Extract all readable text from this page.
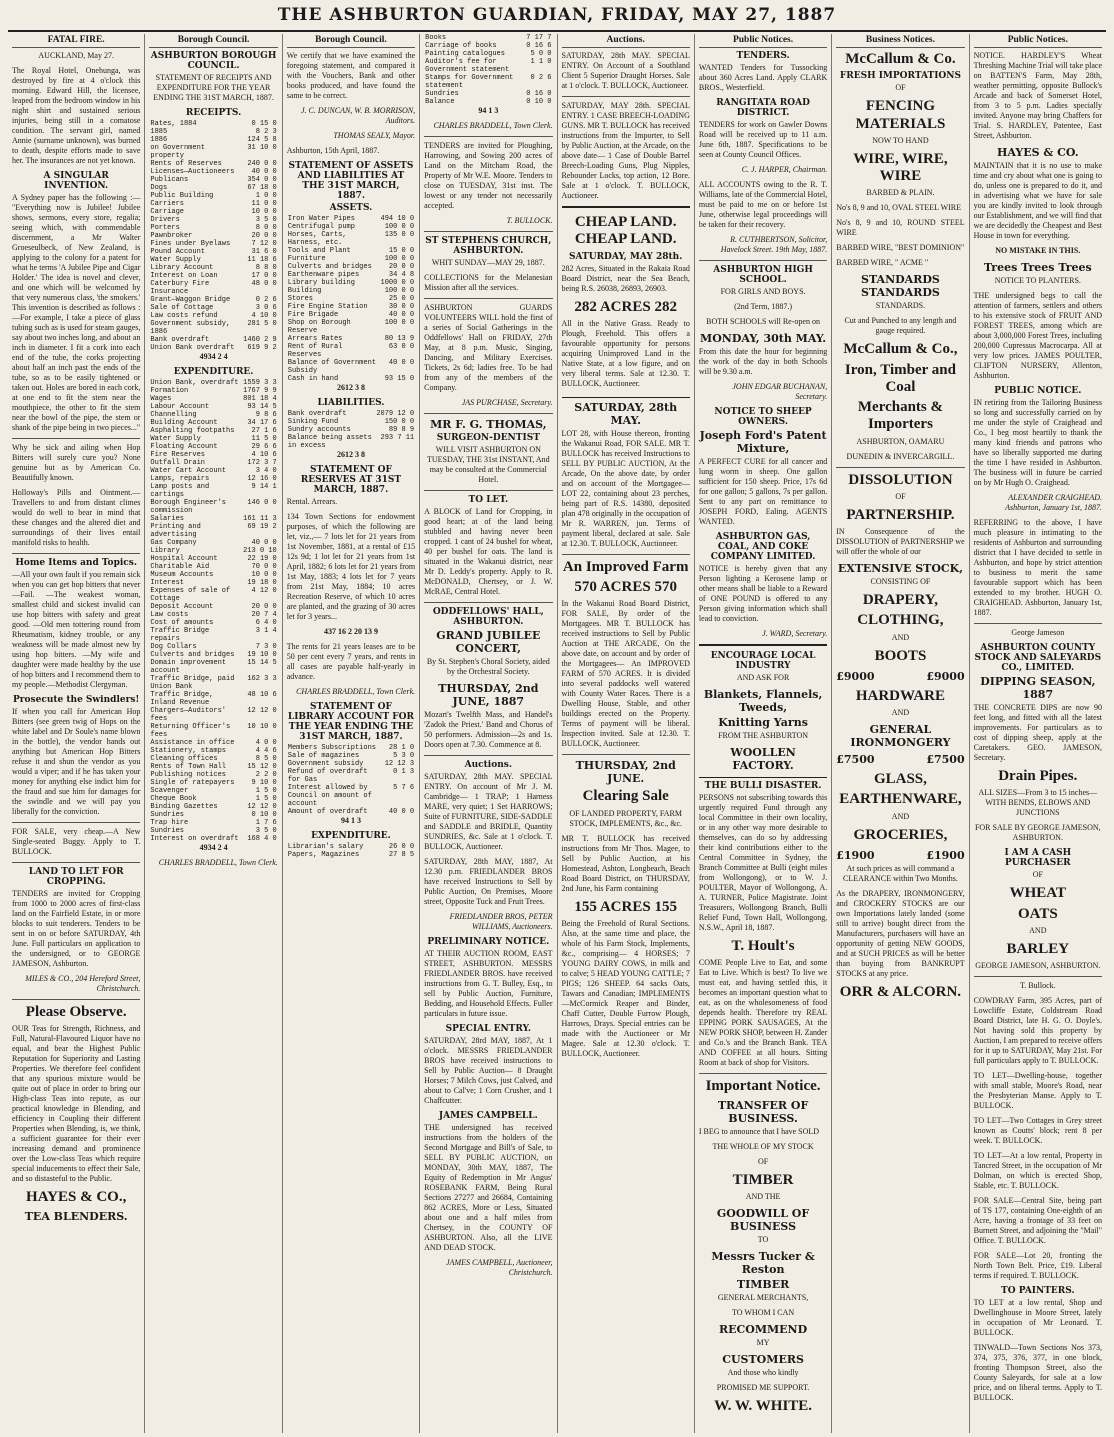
THE ASHBURTON GUARDIAN, FRIDAY, MAY 27, 1887
FATAL FIRE.

AUCKLAND, May 27.

The Royal Hotel, Onehunga, was destroyed by fire at 4 o'clock this morning. Edward Hill, the licensee, leaped from the bedroom window in his night shirt and sustained serious injuries, being still in a comatose condition. The servant girl, named Annie (surname unknown), was burned to death, despite efforts made to save her. The insurances are not yet known.

A SINGULAR INVENTION.

A Sydney paper has the following :— "Everything now is Jubilee! Jubilee shows, sermons, every store, regalia; seeing which, with commendable discernment, a Mr Walter Groeseulbeck, of New Zealand, is applying to the colony for a patent for what he terms 'A Jubilee Pipe and Cigar Holder.' The idea is novel and clever, and one which will be welcomed by that very numerous class, 'the smokers.' This invention is described as follows :—For example, I take a piece of glass tubing such as is used for steam gauges, say about two inches long, and about an inch in diameter. I fit a cork into each end of the tube, the corks projecting about half an inch past the ends of the tube, so as to be easily tightened or taken out. Holes are bored in each cork, at one end to fit the stem near the mouthpiece, the other to fit the stem near the bowl of the pipe, the stem or shank of the pipe being in two pieces..."

Why be sick and ailing when Hop Bitters will surely cure you? None genuine but as by American Co. Beautifully known.

Holloway's Pills and Ointment.—Travellers to and from distant climes would do well to bear in mind that these changes and the altered diet and surroundings of their lives entail manifold risks to health.

Home Items and Topics.

—All your own fault if you remain sick when you can get hop bitters that never—Fail. —The weakest woman, smallest child and sickest invalid can use hop bitters with safety and great good. —Old men tottering round from Rheumatism, kidney trouble, or any weakness will be made almost new by using hop bitters. —My wife and daughter were made healthy by the use of hop bitters and I recommend them to my people.—Methodist Clergyman.

Prosecute the Swindlers!

If when you call for American Hop Bitters (see green twig of Hops on the white label and Dr Soule's name blown in the bottle), the vendor hands out anything but American Hop Bitters refuse it and shun the vendor as you would a viper; and if he has taken your money for anything else indict him for the fraud and sue him for damages for the swindle and we will pay you liberally for the conviction.

FOR SALE, very cheap.—A New Single-seated Buggy. Apply to T. BULLOCK.

LAND TO LET FOR CROPPING.

TENDERS are invited for Cropping from 1000 to 2000 acres of first-class land on the Fairfield Estate, in or more blocks to suit tenderers. Tenders to be sent in on or before SATURDAY, 4th June. Full particulars on application to the undersigned, or to GEORGE JAMESON, Ashburton.

MILES & CO., 204 Hereford Street, Christchurch.

Please Observe.

OUR Teas for Strength, Richness, and Full, Natural-Flavoured Liquor have no equal, and bear the Highest Public Reputation for Superiority and Lasting Properties. We therefore feel confident that any spurious mixture would be quite out of place in order to bring our High-class Teas into repute, as our practical knowledge in Blending, and efficiency in Coupling their different Properties when Blending, is, we think, a sufficient guarantee for their ever increasing demand and prominence over the Low-class Teas which require special inducements to effect their Sale, and so distasteful to the Public.

HAYES & CO.,

TEA BLENDERS.

Borough Council.

ASHBURTON BOROUGH COUNCIL.

STATEMENT OF RECEIPTS AND EXPENDITURE FOR THE YEAR ENDING THE 31ST MARCH, 1887.

RECEIPTS.

Rates, 1884	0 15 0
1885	8 2 3
1886	124 5 8
on Government property	31 10 0
Rents of Reserves	240 0 0
Licenses—Auctioneers	40 0 0
Publicans	354 0 0
Dogs	67 18 0
Public Building	1 0 0
Carriers	11 0 0
Carriage	10 0 0
Drivers	3 5 0
Porters	8 0 0
Pawnbroker	20 0 0
Fines under Byelaws	7 12 0
Pound Account	31 6 0
Water Supply	11 18 6
Library Account	8 8 0
Interest on Loan	17 0 0
Caterbury Fire Insurance	48 0 0
Grant—Waggon Bridge	0 2 6
Sale of Cottage	3 0 6
Law costs refund	4 10 0
Government subsidy, 1886	281 5 0
Bank overdraft	1460 2 9
Union Bank overdraft	619 9 2

4934 2 4

EXPENDITURE.

Union Bank, overdraft	1559 3 3
Formation	1767 9 9
Wages	801 18 4
Labour Account	93 14 5
Channelling	9 8 6
Building Account	34 17 6
Asphalting footpaths	27 1 6
Water Supply	11 5 0
Floating Account	29 6 6
Fire Reserves	4 10 6
Outfall Drain	172 3 7
Water Cart Account	3 4 0
Lamps, repairs	12 16 0
Lamp posts and cartings	9 14 1
Borough Engineer's commission	146 0 0
Salaries	161 11 3
Printing and advertising	69 19 2
Gas Company	40 0 0
Library	213 0 10
Hospital Account	22 19 0
Charitable Aid	70 0 0
Museum Accounts	10 0 0
Interest	19 18 0
Expenses of sale of Cottage	4 12 0
Deposit Account	20 0 0
Law costs	20 7 4
Cost of amounts	6 4 0
Traffic Bridge repairs	3 1 4
Dog Collars	7 3 0
Culverts and bridges	19 10 0
Domain improvement account	15 14 5
Traffic Bridge, paid Union Bank	162 3 3
Traffic Bridge, Inland Revenue	48 10 6
Chargers—Auditors' fees	12 12 0
Returning Officer's fees	10 10 0
Assistance in office	4 0 0
Stationery, stamps	4 4 6
Cleaning offices	8 5 0
Rents of Town Hall	15 12 0
Publishing notices	2 2 0
Single of ratepayers	9 10 0
Scavenger	1 5 0
Cheque Book	1 5 0
Binding Gazettes	12 12 0
Sundries	0 10 0
Trap hire	1 7 6
Sundries	3 5 0
Interest on overdraft	168 4 0

4934 2 4

CHARLES BRADDELL, Town Clerk.

Borough Council.

We certify that we have examined the foregoing statement, and compared it with the Vouchers, Bank and other books produced, and have found the same to be correct.

J. C. DUNCAN, W. B. MORRISON, Auditors.

THOMAS SEALY, Mayor.

Ashburton, 15th April, 1887.

STATEMENT OF ASSETS AND LIABILITIES AT THE 31ST MARCH, 1887.

ASSETS.

Iron Water Pipes	494 10 0
Centrifugal pump	100 0 0
Horses, Carts, Harness, etc.	135 0 0
Tools and Plant	15 0 0
Furniture	100 0 0
Culverts and bridges	20 0 0
Earthenware pipes	34 4 8
Library building	1000 0 0
Building	100 0 0
Stores	25 0 0
Fire Engine Station	30 0 0
Fire Brigade	40 0 0
Shop on Borough Reserve	100 0 0
Arrears Rates	80 13 9
Rent of Rural Reserves	63 0 0
Balance of Government Subsidy	40 0 0
Cash in hand	93 15 0

2612 3 8

LIABILITIES.

Bank overdraft	2079 12 0
Sinking Fund	150 0 0
Sundry accounts	89 8 9
Balance being assets in excess	293 7 11

2612 3 8

STATEMENT OF RESERVES AT 31ST MARCH, 1887.

Rental. Arrears.

134 Town Sections for endowment purposes, of which the following are let, viz.,— 7 lots let for 21 years from 1st November, 1881, at a rental of £15 12s 9d; 1 lot let for 21 years from 1st April, 1882; 6 lots let for 21 years from 1st May, 1883; 4 lots let for 7 years from 21st May, 1884; 10 acres Recreation Reserve, of which 10 acres are planted, and the grazing of 30 acres let for 3 years...

437 16 2 20 13 9

The rents for 21 years leases are to be 50 per cent every 7 years, and rents in all cases are payable half-yearly in advance.

CHARLES BRADDELL, Town Clerk.

STATEMENT OF LIBRARY ACCOUNT FOR THE YEAR ENDING THE 31ST MARCH, 1887.

Members Subscriptions	28 1 0
Sale of magazines	5 3 0
Government subsidy	12 12 3
Refund of overdraft for Gas	0 1 3
Interest allowed by Council on amount of account	5 7 6
Amount of overdraft	40 0 0

94 1 3

EXPENDITURE.

Librarian's salary	26 0 0
Papers, Magazines	27 8 5
Books	7 17 7
Carriage of books	0 16 6
Painting catalogues	5 0 0
Auditor's fee for Government statement	1 1 0
Stamps for Government statement	0 2 6
Sundries	0 16 0
Balance	0 10 0

94 1 3

CHARLES BRADDELL, Town Clerk.

TENDERS are invited for Ploughing, Harrowing, and Sowing 200 acres of Land on the Mitcham Road, the Property of Mr W.E. Moore. Tenders to close on TUESDAY, 31st inst. The lowest or any tender not necessarily accepted.

T. BULLOCK.

ST STEPHENS CHURCH, ASHBURTON.

WHIT SUNDAY—MAY 29, 1887.

COLLECTIONS for the Melanesian Mission after all the services.

ASHBURTON GUARDS VOLUNTEERS WILL hold the first of a series of Social Gatherings in the Oddfellows' Hall on FRIDAY, 27th May, at 8 p.m. Music, Singing, Dancing, and Military Exercises. Tickets, 2s 6d; ladies free. To be had from any of the members of the Company.

JAS PURCHASE, Secretary.

MR F. G. THOMAS,

SURGEON-DENTIST

WILL VISIT ASHBURTON ON TUESDAY, THE 31st INSTANT, And may be consulted at the Commercial Hotel.

TO LET.

A BLOCK of Land for Cropping, in good heart; at of the land being stubbled and having never been cropped. 1 cant of 24 bushel for wheat, 40 per bushel for oats. The land is situated in the Wakanui district, near Mr D. Leddy's property. Apply to R. McDONALD, Chertsey, or J. W. McRAE, Central Hotel.

ODDFELLOWS' HALL, ASHBURTON.

GRAND JUBILEE CONCERT,

By St. Stephen's Choral Society, aided by the Orchestral Society.

THURSDAY, 2nd JUNE, 1887

Mozart's Twelfth Mass, and Handel's 'Zadok the Priest.' Band and Chorus of 50 performers. Admission—2s and 1s. Doors open at 7.30. Commence at 8.

Auctions.

SATURDAY, 28th MAY. SPECIAL ENTRY. On account of Mr J. M. Cambridge— 1 TRAP; 1 Harness MARE, very quiet; 1 Set HARROWS; Suite of FURNITURE, SIDE-SADDLE and SADDLE and BRIDLE, Quantity SUNDRIES, &c. Sale at 1 o'clock. T. BULLOCK, Auctioneer.

SATURDAY, 28th MAY, 1887, At 12.30 p.m. FRIEDLANDER BROS have received Instructions to Sell by Public Auction, On Premises, Moore street, Opposite Tuck and Fruit Trees.

FRIEDLANDER BROS, PETER WILLIAMS, Auctioneers.

PRELIMINARY NOTICE.

AT THEIR AUCTION ROOM, EAST STREET, ASHBURTON. MESSRS FRIEDLANDER BROS. have received instructions from G. T. Bulley, Esq., to sell by Public Auction, Furniture, Bedding, and Household Effects. Fuller particulars in future issue.

SPECIAL ENTRY.

SATURDAY, 28rd MAY, 1887, At 1 o'clock. MESSRS FRIEDLANDER BROS have received instructions to Sell by Public Auction— 8 Draught Horses; 7 Milch Cows, just Calved, and about to Cal've; 1 Corn Crusher, and 1 Chaffcutter.

JAMES CAMPBELL.

THE undersigned has received instructions from the holders of the Second Mortgage and Bill's of Sale, to SELL BY PUBLIC AUCTION, on MONDAY, 30th MAY, 1887, The Equity of Redemption in Mr Angus' ROSEBANK FARM, Being Rural Sections 27277 and 26684, Containing 862 ACRES, More or Less, Situated about one and a half miles from Chertsey, in the COUNTY OF ASHBURTON. Also, all the LIVE AND DEAD STOCK.

JAMES CAMPBELL, Auctioneer, Christchurch.

Auctions.

SATURDAY, 28th MAY. SPECIAL ENTRY. On Account of a Southland Client 5 Superior Draught Horses. Sale at 1 o'clock. T. BULLOCK, Auctioneer.

SATURDAY, MAY 28th. SPECIAL ENTRY. 1 CASE BREECH-LOADING GUNS. MR T. BULLOCK has received instructions from the Importer, to Sell by Public Auction, at the Arcade, on the above date— 1 Case of Double Barrel Breech-Loading Guns, Plug Nipples, Rebounder Locks, top action, 12 Bore. Sale at 1 o'clock. T. BULLOCK, Auctioneer.

CHEAP LAND. CHEAP LAND.

SATURDAY, MAY 28th.

282 Acres, Situated in the Rakaia Road Board District, near the Sea Beach, being R.S. 26038, 26893, 26903.

282 ACRES 282

All in the Native Grass. Ready to Plough, Freehold. This offers a favourable opportunity for persons acquiring Unimproved Land in the Native State, at a low figure, and on very liberal terms. Sale at 12.30. T. BULLOCK, Auctioneer.

SATURDAY, 28th MAY.

LOT 28, with House thereon, fronting the Wakanui Road, FOR SALE. MR T. BULLOCK has received Instructions to SELL BY PUBLIC AUCTION, At the Arcade, On the above date, by order and on account of the Mortgagee— LOT 22, containing about 23 perches, being part of R.S. 14380, deposited plan 478 originally in the occupation of Mr R. WARREN, jun. Terms of payment liberal, declared at sale. Sale at 12.30. T. BULLOCK, Auctioneer.

An Improved Farm

570 ACRES 570

In the Wakanui Road Board District, FOR SALE, By order of the Mortgagees. MR T. BULLOCK has received instructions to Sell by Public Auction at THE ARCADE, On the above date, on account and by order of the Mortgagees— An IMPROVED FARM of 570 ACRES. It is divided into several paddocks well watered with County Water Races. There is a Dwelling House, Stable, and other buildings erected on the Property. Terms of payment will be liberal. Inspection invited. Sale at 12.30. T. BULLOCK, Auctioneer.

THURSDAY, 2nd JUNE.

Clearing Sale

OF LANDED PROPERTY, FARM STOCK, IMPLEMENTS, &c., &c.

MR T. BULLOCK has received instructions from Mr Thos. Magee, to Sell by Public Auction, at his Homestead, Ashton, Longbeach, Beach Road Board District, on THURSDAY, 2nd June, his Farm containing

155 ACRES 155

Being the Freehold of Rural Sections. Also, at the same time and place, the whole of his Farm Stock, Implements, &c., comprising— 4 HORSES; 7 YOUNG DAIRY COWS, in milk and to calve; 5 HEAD YOUNG CATTLE; 7 PIGS; 126 SHEEP. 64 sacks Oats, Tawars and Canadian; IMPLEMENTS—McCormick Reaper and Binder, Chaff Cutter, Double Furrow Plough, Harrows, Drays. Special entries can be made with the Auctioneer or Mr Magee. Sale at 12.30 o'clock. T. BULLOCK, Auctioneer.

Public Notices.

TENDERS.

WANTED Tenders for Tussocking about 360 Acres Land. Apply CLARK BROS., Westerfield.

RANGITATA ROAD DISTRICT.

TENDERS for work on Gawler Downs Road will be received up to 11 a.m. June 6th, 1887. Specifications to be seen at County Council Offices.

C. J. HARPER, Chairman.

ALL ACCOUNTS owing to the R. T. Williams, late of the Commercial Hotel, must be paid to me on or before 1st June, otherwise legal proceedings will be taken for their recovery.

R. CUTHBERTSON, Solicitor, Havelock Street. 19th May, 1887.

ASHBURTON HIGH SCHOOL.

FOR GIRLS AND BOYS.

(2nd Term, 1887.)

BOTH SCHOOLS will Re-open on

MONDAY, 30th MAY.

From this date the hour for beginning the work of the day in both Schools will be 9.30 a.m.

JOHN EDGAR BUCHANAN, Secretary.

NOTICE TO SHEEP OWNERS.

Joseph Ford's Patent Mixture,

A PERFECT CURE for all cancer and lung worm in sheep. One gallon sufficient for 150 sheep. Price, 17s 6d for one gallon; 5 gallons, 7s per gallon. Sent to any part on remittance to JOSEPH FORD, Ealing. AGENTS WANTED.

ASHBURTON GAS, COAL, AND COKE COMPANY LIMITED.

NOTICE is hereby given that any Person lighting a Kerosene lamp or other means shall be liable to a Reward of ONE POUND is offered to any Person giving information which shall lead to conviction.

J. WARD, Secretary.

ENCOURAGE LOCAL INDUSTRY

AND ASK FOR

Blankets, Flannels, Tweeds,

Knitting Yarns

FROM THE ASHBURTON

WOOLLEN FACTORY.

THE BULLI DISASTER.

PERSONS not subscribing towards this urgently required Fund through any local Committee in their own locality, or in any other way more desirable to themselves, can do so by addressing their kind contributions either to the Central Committee in Sydney, the Branch Committee at Bulli (eight miles from Wollongong), or to W. J. POULTER, Mayor of Wollongong, A. A. TURNER, Police Magistrate. Joint Treasurers, Wollongong Branch, Bulli Relief Fund, Town Hall, Wollongong, N.S.W., April 18, 1887.

T. Hoult's

COME People Live to Eat, and some Eat to Live. Which is best? To live we must eat, and having settled this, it becomes an important question what to eat, as on the wholesomeness of food depends health. Therefore try REAL EPPING PORK SAUSAGES, At the NEW PORK SHOP, between H. Zander and Co.'s and the Branch Bank. TEA AND COFFEE at all hours. Sitting Room at back of shop for Visitors.

Important Notice.

TRANSFER OF BUSINESS.

I BEG to announce that I have SOLD

THE WHOLE OF MY STOCK

OF

TIMBER

AND THE

GOODWILL OF BUSINESS

TO

Messrs Tucker & Reston

TIMBER

GENERAL MERCHANTS,

TO WHOM I CAN

RECOMMEND

MY

CUSTOMERS

And those who kindly

PROMISED ME SUPPORT.

W. W. WHITE.

Business Notices.

McCallum & Co.

FRESH IMPORTATIONS

OF

FENCING MATERIALS

NOW TO HAND

WIRE, WIRE, WIRE

BARBED & PLAIN.

No's 8, 9 and 10, OVAL STEEL WIRE

No's 8, 9 and 10, ROUND STEEL WIRE

BARBED WIRE, "BEST DOMINION"

BARBED WIRE, " ACME "

STANDARDS STANDARDS

STANDARDS.

Cut and Punched to any length and gauge required.

McCallum & Co.,

Iron, Timber and Coal

Merchants & Importers

ASHBURTON, OAMARU

DUNEDIN & INVERCARGILL.

DISSOLUTION

OF

PARTNERSHIP.

IN Consequence of the DISSOLUTION of PARTNERSHIP we will offer the whole of our

EXTENSIVE STOCK,

CONSISTING OF

DRAPERY,

CLOTHING,

AND

BOOTS

£9000	£9000

HARDWARE

AND

GENERAL IRONMONGERY

£7500	£7500

GLASS,

EARTHENWARE,

AND

GROCERIES,

£1900	£1900

At such prices as will command a CLEARANCE within Two Months.

As the DRAPERY, IRONMONGERY, and CROCKERY STOCKS are our own Importations lately landed (some still to arrive) bought direct from the Manufacturers, purchasers will have an opportunity of getting NEW GOODS, and at SUCH PRICES as will be better than buying from BANKRUPT STOCKS at any price.

ORR & ALCORN.

Public Notices.

NOTICE. HARDLEY'S Wheat Threshing Machine Trial will take place on BATTEN'S Farm, May 28th, weather permitting, opposite Bullock's Arcade and back of Somerset Hotel, from 3 to 5 p.m. Ladies specially invited. Anyone may bring Chaffers for Trial. S. HARDLEY, Patentee, East Street, Ashburton.

HAYES & CO.

MAINTAIN that it is no use to make time and cry about what one is going to do, unless one is prepared to do it, and in advertising what we have for sale you are kindly invited to look through our Establishment, and we will find that we are decidedly the Cheapest and Best House in town for everything.

NO MISTAKE IN THIS.

Trees Trees Trees

NOTICE TO PLANTERS.

THE undersigned begs to call the attention of farmers, settlers and others to his extensive stock of FRUIT AND FOREST TREES, among which are about 3,000,000 Forest Trees, including 200,000 Cupressus Macrocarpa. All at very low prices. JAMES POULTER, CLIFTON NURSERY, Allenton, Ashburton.

PUBLIC NOTICE.

IN retiring from the Tailoring Business so long and successfully carried on by me under the style of Craighead and Co., I beg most heartily to thank the many kind friends and patrons who have so liberally supported me during the time I have resided in Ashburton. The business will in future be carried on by Mr Hugh O. Craighead.

ALEXANDER CRAIGHEAD. Ashburton, January 1st, 1887.

REFERRING to the above, I have much pleasure in intimating to the residents of Ashburton and surrounding district that I have decided to settle in Ashburton, and hope by strict attention to business to merit the same favourable support which has been extended to my brother. HUGH O. CRAIGHEAD. Ashburton, January 1st, 1887.

George Jameson

ASHBURTON COUNTY STOCK AND SALEYARDS CO., LIMITED.

DIPPING SEASON, 1887

THE CONCRETE DIPS are now 90 feet long, and fitted with all the latest improvements. For particulars as to cost of dipping sheep, apply at the Caretakers. GEO. JAMESON, Secretary.

Drain Pipes.

ALL SIZES—From 3 to 15 inches— WITH BENDS, ELBOWS AND JUNCTIONS

FOR SALE BY GEORGE JAMESON, ASHBURTON.

I AM A CASH PURCHASER

OF

WHEAT

OATS

AND

BARLEY

GEORGE JAMESON, ASHBURTON.

T. Bullock.

COWDRAY Farm, 395 Acres, part of Lowcliffe Estate, Coldstream Road Board District, late H. G. O. Doyle's. Not having sold this property by Auction, I am prepared to receive offers for it up to SATURDAY, May 21st. For full particulars apply to T. BULLOCK.

TO LET—Dwelling-house, together with small stable, Moore's Road, near the Presbyterian Manse. Apply to T. BULLOCK.

TO LET—Two Cottages in Grey street known as Coutts' block; rent 8 per week. T. BULLOCK.

TO LET—At a low rental, Property in Tancred Street, in the occupation of Mr Dolman, on which is erected Shop, Stable, etc. T. BULLOCK.

FOR SALE—Central Site, being part of TS 177, containing One-eighth of an Acre, having a frontage of 33 feet on Burnett Street, and adjoining the "Mail" Office. T. BULLOCK.

FOR SALE—Lot 20, fronting the North Town Belt. Price, £19. Liberal terms if required. T. BULLOCK.

TO PAINTERS.

TO LET at a low rental, Shop and Dwellinghouse in Moore Street, lately in occupation of Mr Leonard. T. BULLOCK.

TINWALD—Town Sections Nos 373, 374, 375, 376, 377, in one block, fronting Thompson Street, also the County Saleyards, for sale at a low price, and on liberal terms. Apply to T. BULLOCK.
